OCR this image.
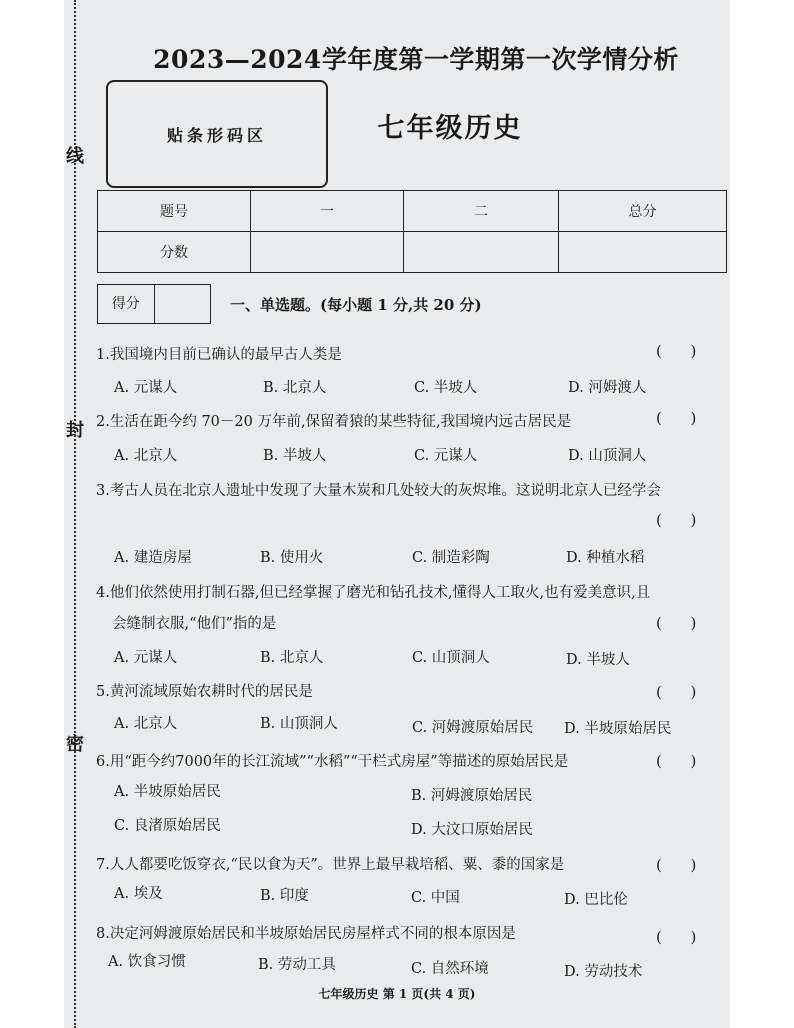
线
封
密
2023—2024学年度第一学期第一次学情分析
贴条形码区	七年级历史
题号	一	二	总分
分数			
得分	一、单选题。(每小题 1 分,共 20 分)
1.我国境内目前已确认的最早古人类是	(      )
A. 元谋人	B. 北京人	C. 半坡人	D. 河姆渡人
2.生活在距今约 70－20 万年前,保留着猿的某些特征,我国境内远古居民是	(      )
A. 北京人	B. 半坡人	C. 元谋人	D. 山顶洞人
3.考古人员在北京人遗址中发现了大量木炭和几处较大的灰烬堆。这说明北京人已经学会
(      )
A. 建造房屋	B. 使用火	C. 制造彩陶	D. 种植水稻
4.他们依然使用打制石器,但已经掌握了磨光和钻孔技术,懂得人工取火,也有爱美意识,且
会缝制衣服,“他们”指的是	(      )
A. 元谋人	B. 北京人	C. 山顶洞人	D. 半坡人
5.黄河流域原始农耕时代的居民是	(      )
A. 北京人	B. 山顶洞人	C. 河姆渡原始居民 D. 半坡原始居民
6.用“距今约7000年的长江流域”“水稻”“干栏式房屋”等描述的原始居民是	(      )
A. 半坡原始居民	B. 河姆渡原始居民
C. 良渚原始居民	D. 大汶口原始居民
7.人人都要吃饭穿衣,“民以食为天”。世界上最早栽培稻、粟、黍的国家是	(      )
A. 埃及	B. 印度	C. 中国	D. 巴比伦
8.决定河姆渡原始居民和半坡原始居民房屋样式不同的根本原因是	(      )
A. 饮食习惯	B. 劳动工具	C. 自然环境	D. 劳动技术
七年级历史 第 1 页(共 4 页)
